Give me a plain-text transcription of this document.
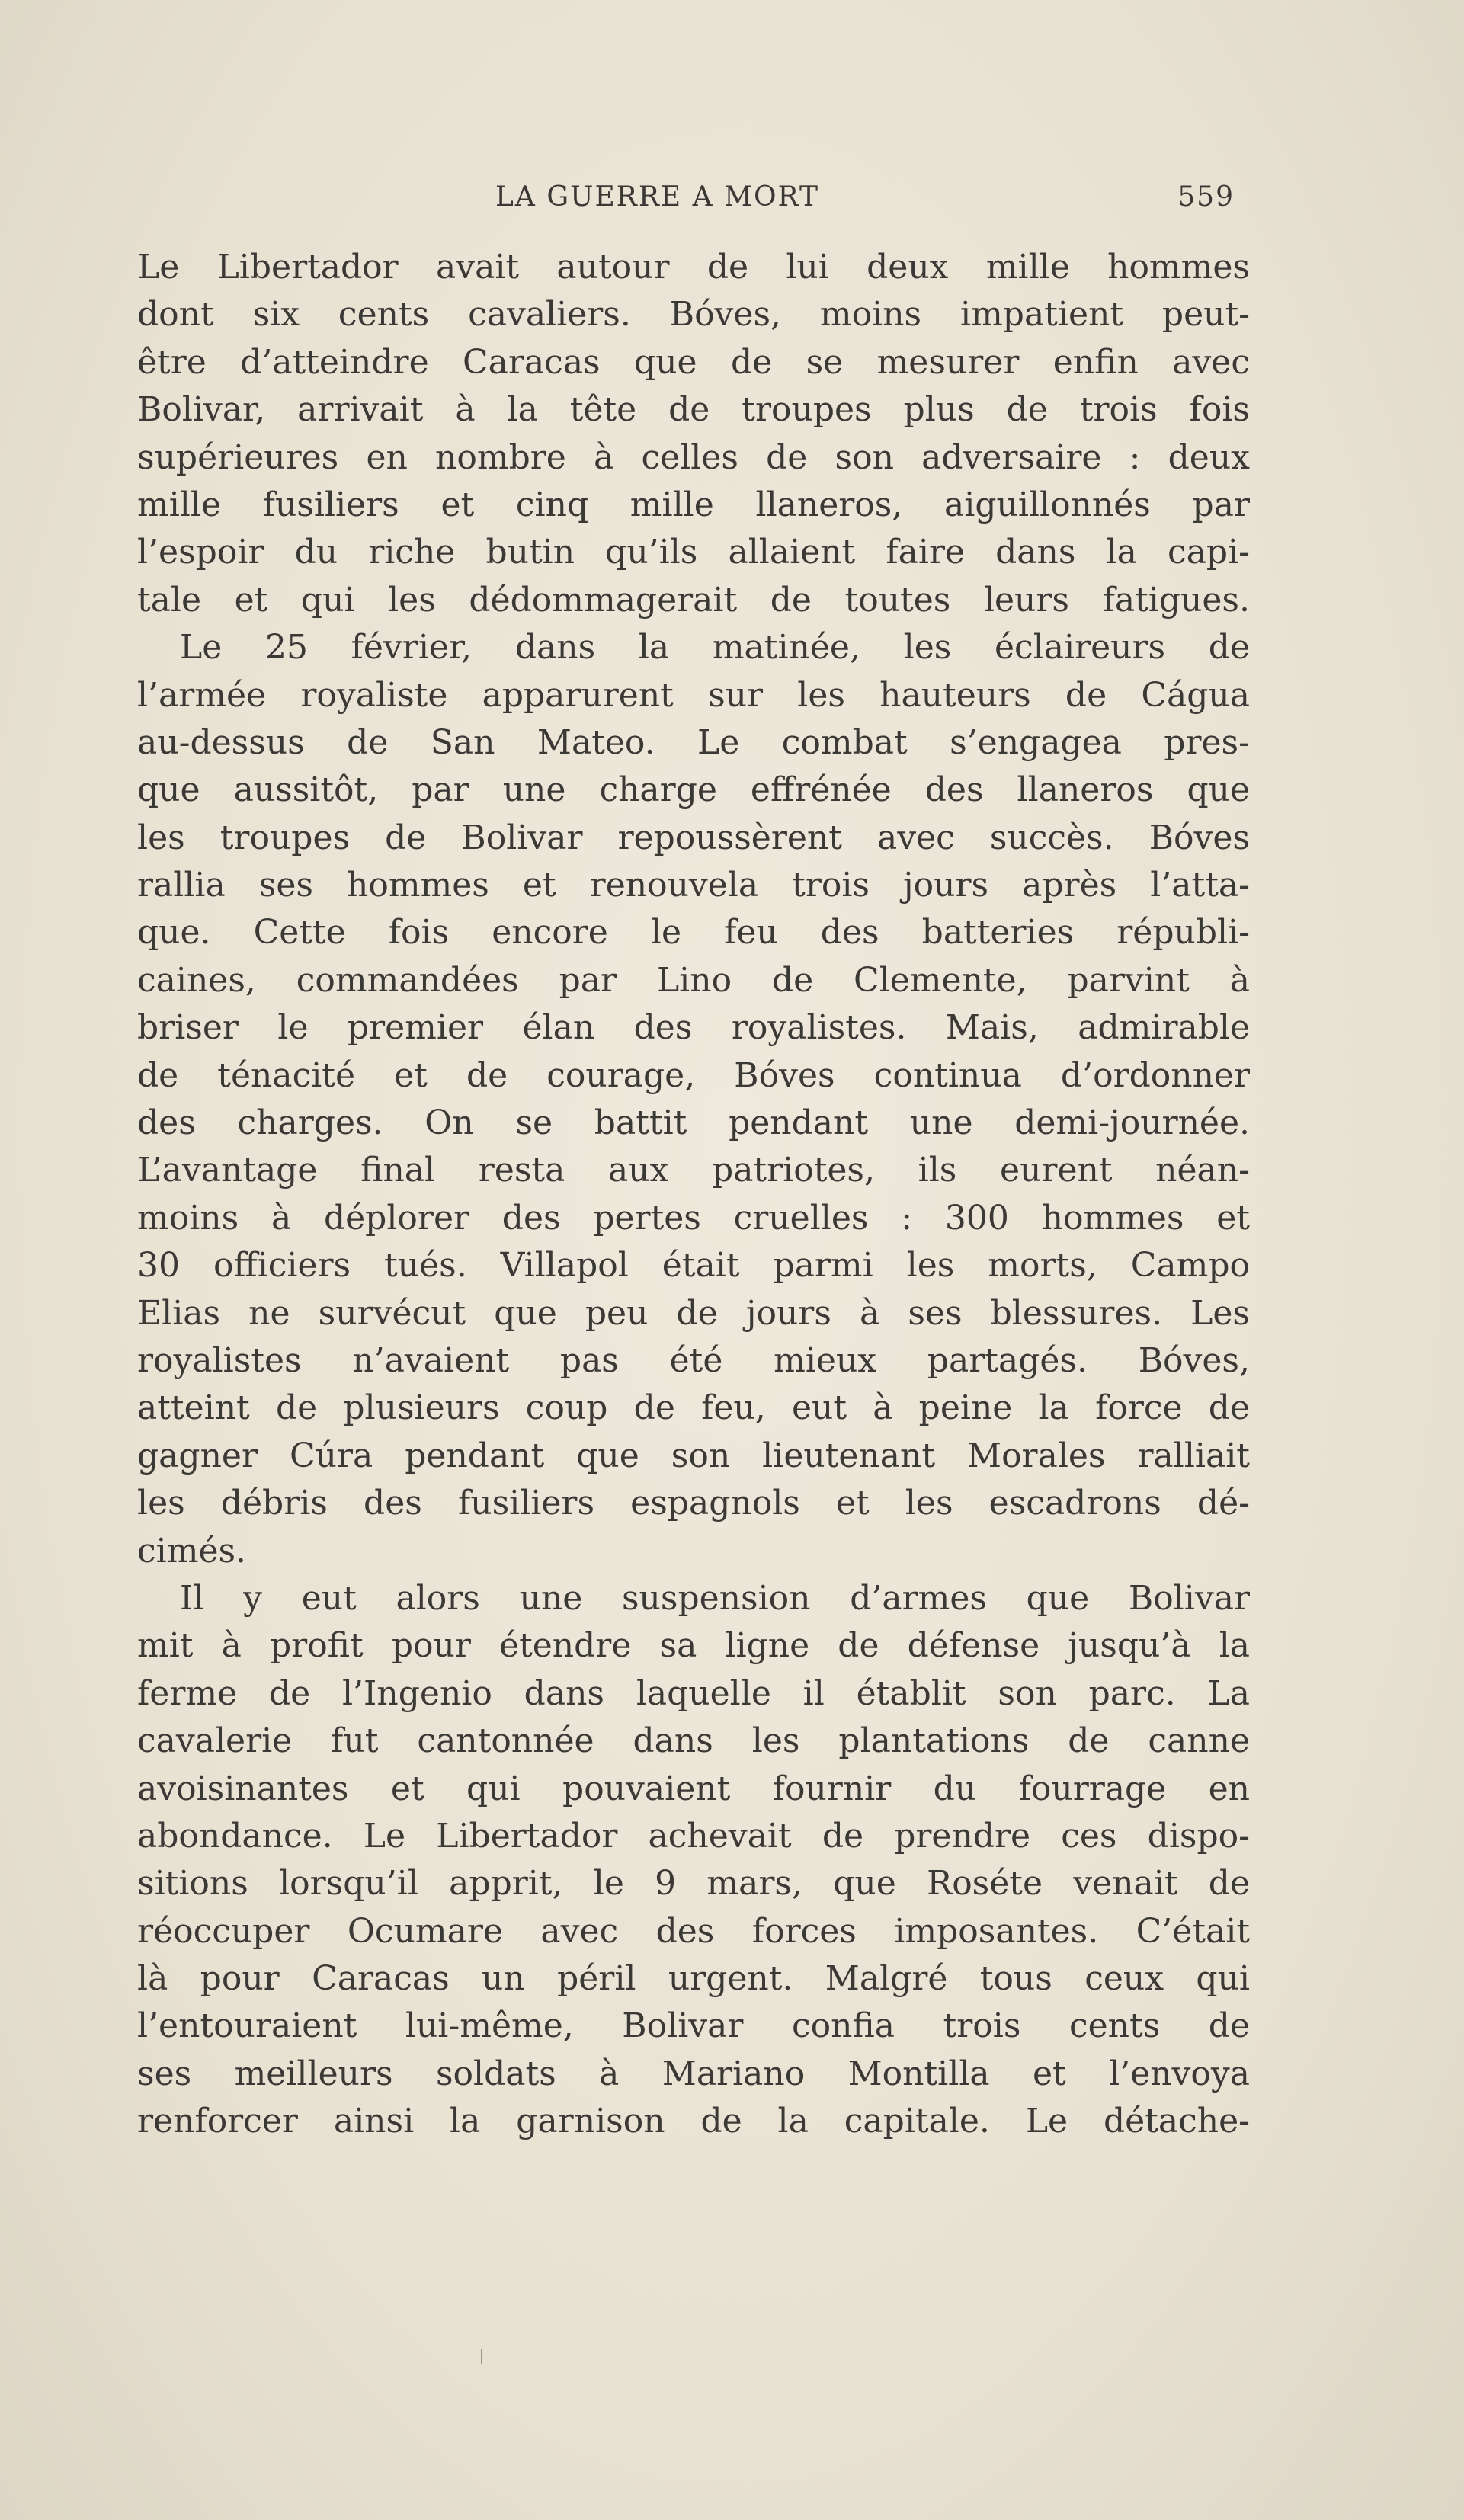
LA GUERRE A MORT	559
Le Libertador avait autour de lui deux mille hommes
dont six cents cavaliers. Bóves, moins impatient peut-
être d’atteindre Caracas que de se mesurer enfin avec
Bolivar, arrivait à la tête de troupes plus de trois fois
supérieures en nombre à celles de son adversaire : deux
mille fusiliers et cinq mille llaneros, aiguillonnés par
l’espoir du riche butin qu’ils allaient faire dans la capi-
tale et qui les dédommagerait de toutes leurs fatigues.
Le 25 février, dans la matinée, les éclaireurs de
l’armée royaliste apparurent sur les hauteurs de Cágua
au-dessus de San Mateo. Le combat s’engagea pres-
que aussitôt, par une charge effrénée des llaneros que
les troupes de Bolivar repoussèrent avec succès. Bóves
rallia ses hommes et renouvela trois jours après l’atta-
que. Cette fois encore le feu des batteries républi-
caines, commandées par Lino de Clemente, parvint à
briser le premier élan des royalistes. Mais, admirable
de ténacité et de courage, Bóves continua d’ordonner
des charges. On se battit pendant une demi-journée.
L’avantage final resta aux patriotes, ils eurent néan-
moins à déplorer des pertes cruelles : 300 hommes et
30 officiers tués. Villapol était parmi les morts, Campo
Elias ne survécut que peu de jours à ses blessures. Les
royalistes n’avaient pas été mieux partagés. Bóves,
atteint de plusieurs coup de feu, eut à peine la force de
gagner Cúra pendant que son lieutenant Morales ralliait
les débris des fusiliers espagnols et les escadrons dé-
cimés.
Il y eut alors une suspension d’armes que Bolivar
mit à profit pour étendre sa ligne de défense jusqu’à la
ferme de l’Ingenio dans laquelle il établit son parc. La
cavalerie fut cantonnée dans les plantations de canne
avoisinantes et qui pouvaient fournir du fourrage en
abondance. Le Libertador achevait de prendre ces dispo-
sitions lorsqu’il apprit, le 9 mars, que Roséte venait de
réoccuper Ocumare avec des forces imposantes. C’était
là pour Caracas un péril urgent. Malgré tous ceux qui
l’entouraient lui-même, Bolivar confia trois cents de
ses meilleurs soldats à Mariano Montilla et l’envoya
renforcer ainsi la garnison de la capitale. Le détache-
